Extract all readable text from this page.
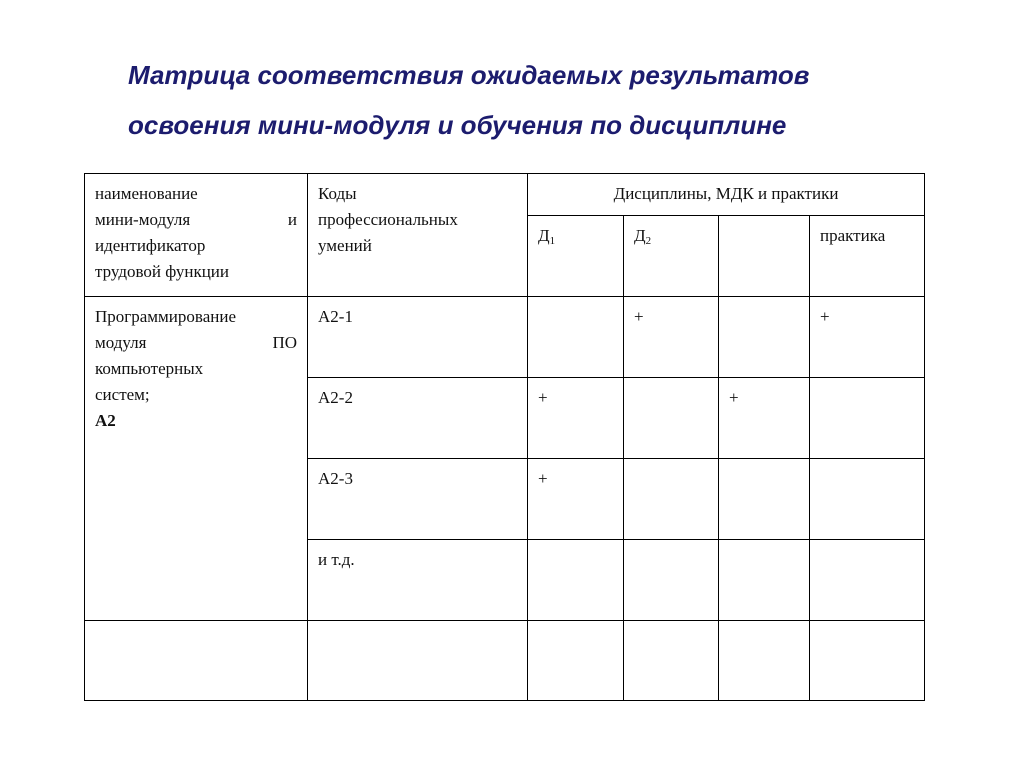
Матрица соответствия ожидаемых результатов
освоения мини-модуля и обучения по дисциплине
наименование
мини-модуля и
идентификатор
трудовой функции	Коды
профессиональных
умений	Дисциплины, МДК и практики			
		$Д_1$	$Д_2$		практика

Программирование
модуля ПО
компьютерных
систем;
А2	А2-1		+		+
	А2-2	+		+	
	А2-3	+			
	и т.д.				
